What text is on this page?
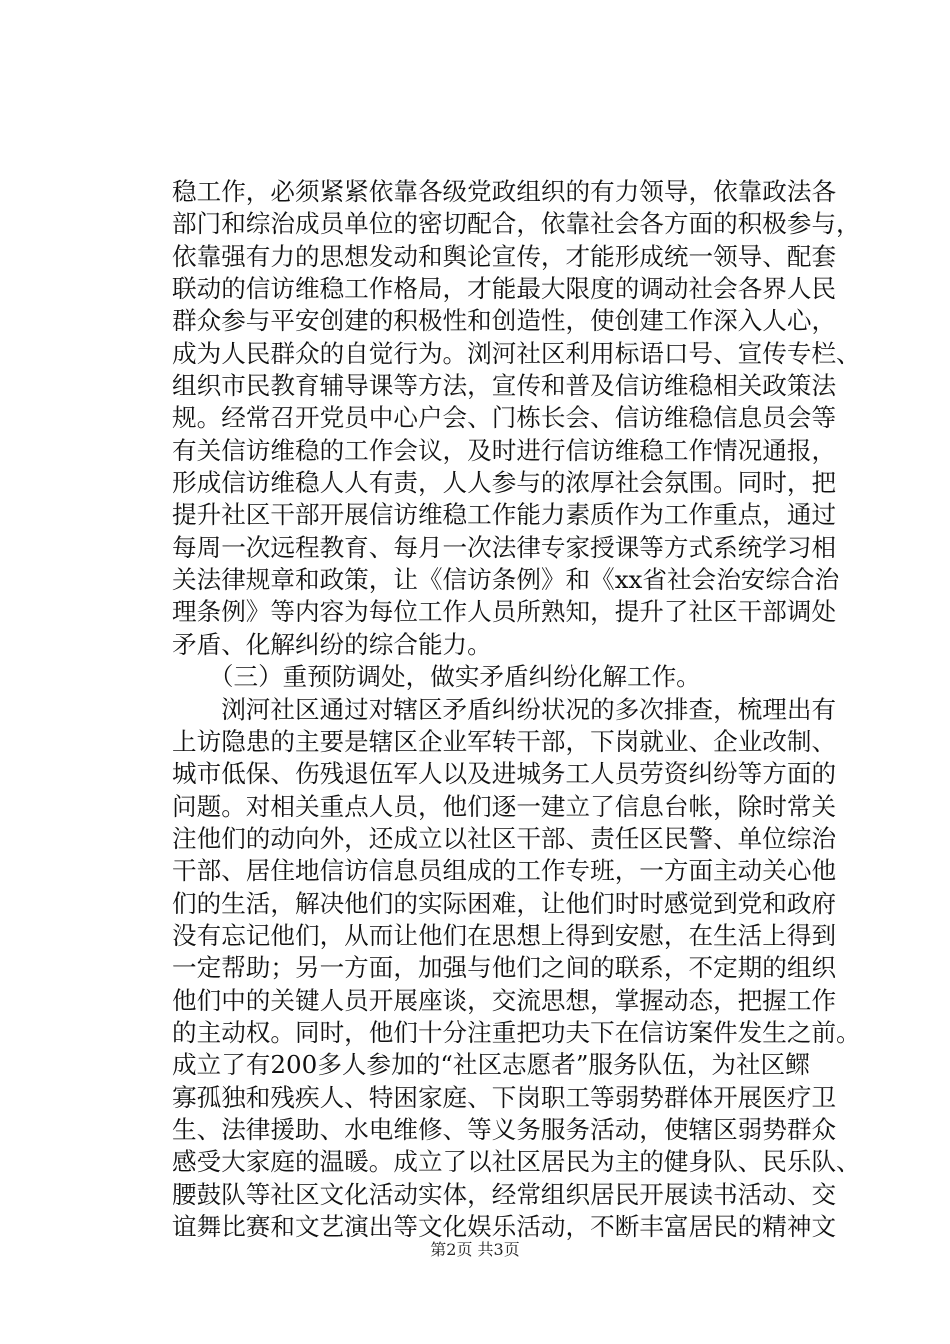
稳工作，必须紧紧依靠各级党政组织的有力领导，依靠政法各
部门和综治成员单位的密切配合，依靠社会各方面的积极参与，
依靠强有力的思想发动和舆论宣传，才能形成统一领导、配套
联动的信访维稳工作格局，才能最大限度的调动社会各界人民
群众参与平安创建的积极性和创造性，使创建工作深入人心，
成为人民群众的自觉行为。浏河社区利用标语口号、宣传专栏、
组织市民教育辅导课等方法，宣传和普及信访维稳相关政策法
规。经常召开党员中心户会、门栋长会、信访维稳信息员会等
有关信访维稳的工作会议，及时进行信访维稳工作情况通报，
形成信访维稳人人有责，人人参与的浓厚社会氛围。同时，把
提升社区干部开展信访维稳工作能力素质作为工作重点，通过
每周一次远程教育、每月一次法律专家授课等方式系统学习相
关法律规章和政策，让《信访条例》和《xx省社会治安综合治
理条例》等内容为每位工作人员所熟知，提升了社区干部调处
矛盾、化解纠纷的综合能力。
　　（三）重预防调处，做实矛盾纠纷化解工作。
　　浏河社区通过对辖区矛盾纠纷状况的多次排查，梳理出有
上访隐患的主要是辖区企业军转干部，下岗就业、企业改制、
城市低保、伤残退伍军人以及进城务工人员劳资纠纷等方面的
问题。对相关重点人员，他们逐一建立了信息台帐，除时常关
注他们的动向外，还成立以社区干部、责任区民警、单位综治
干部、居住地信访信息员组成的工作专班，一方面主动关心他
们的生活，解决他们的实际困难，让他们时时感觉到党和政府
没有忘记他们，从而让他们在思想上得到安慰，在生活上得到
一定帮助；另一方面，加强与他们之间的联系，不定期的组织
他们中的关键人员开展座谈，交流思想，掌握动态，把握工作
的主动权。同时，他们十分注重把功夫下在信访案件发生之前。
成立了有200多人参加的“社区志愿者”服务队伍，为社区鳏
寡孤独和残疾人、特困家庭、下岗职工等弱势群体开展医疗卫
生、法律援助、水电维修、等义务服务活动，使辖区弱势群众
感受大家庭的温暖。成立了以社区居民为主的健身队、民乐队、
腰鼓队等社区文化活动实体，经常组织居民开展读书活动、交
谊舞比赛和文艺演出等文化娱乐活动，不断丰富居民的精神文
第2页 共3页
